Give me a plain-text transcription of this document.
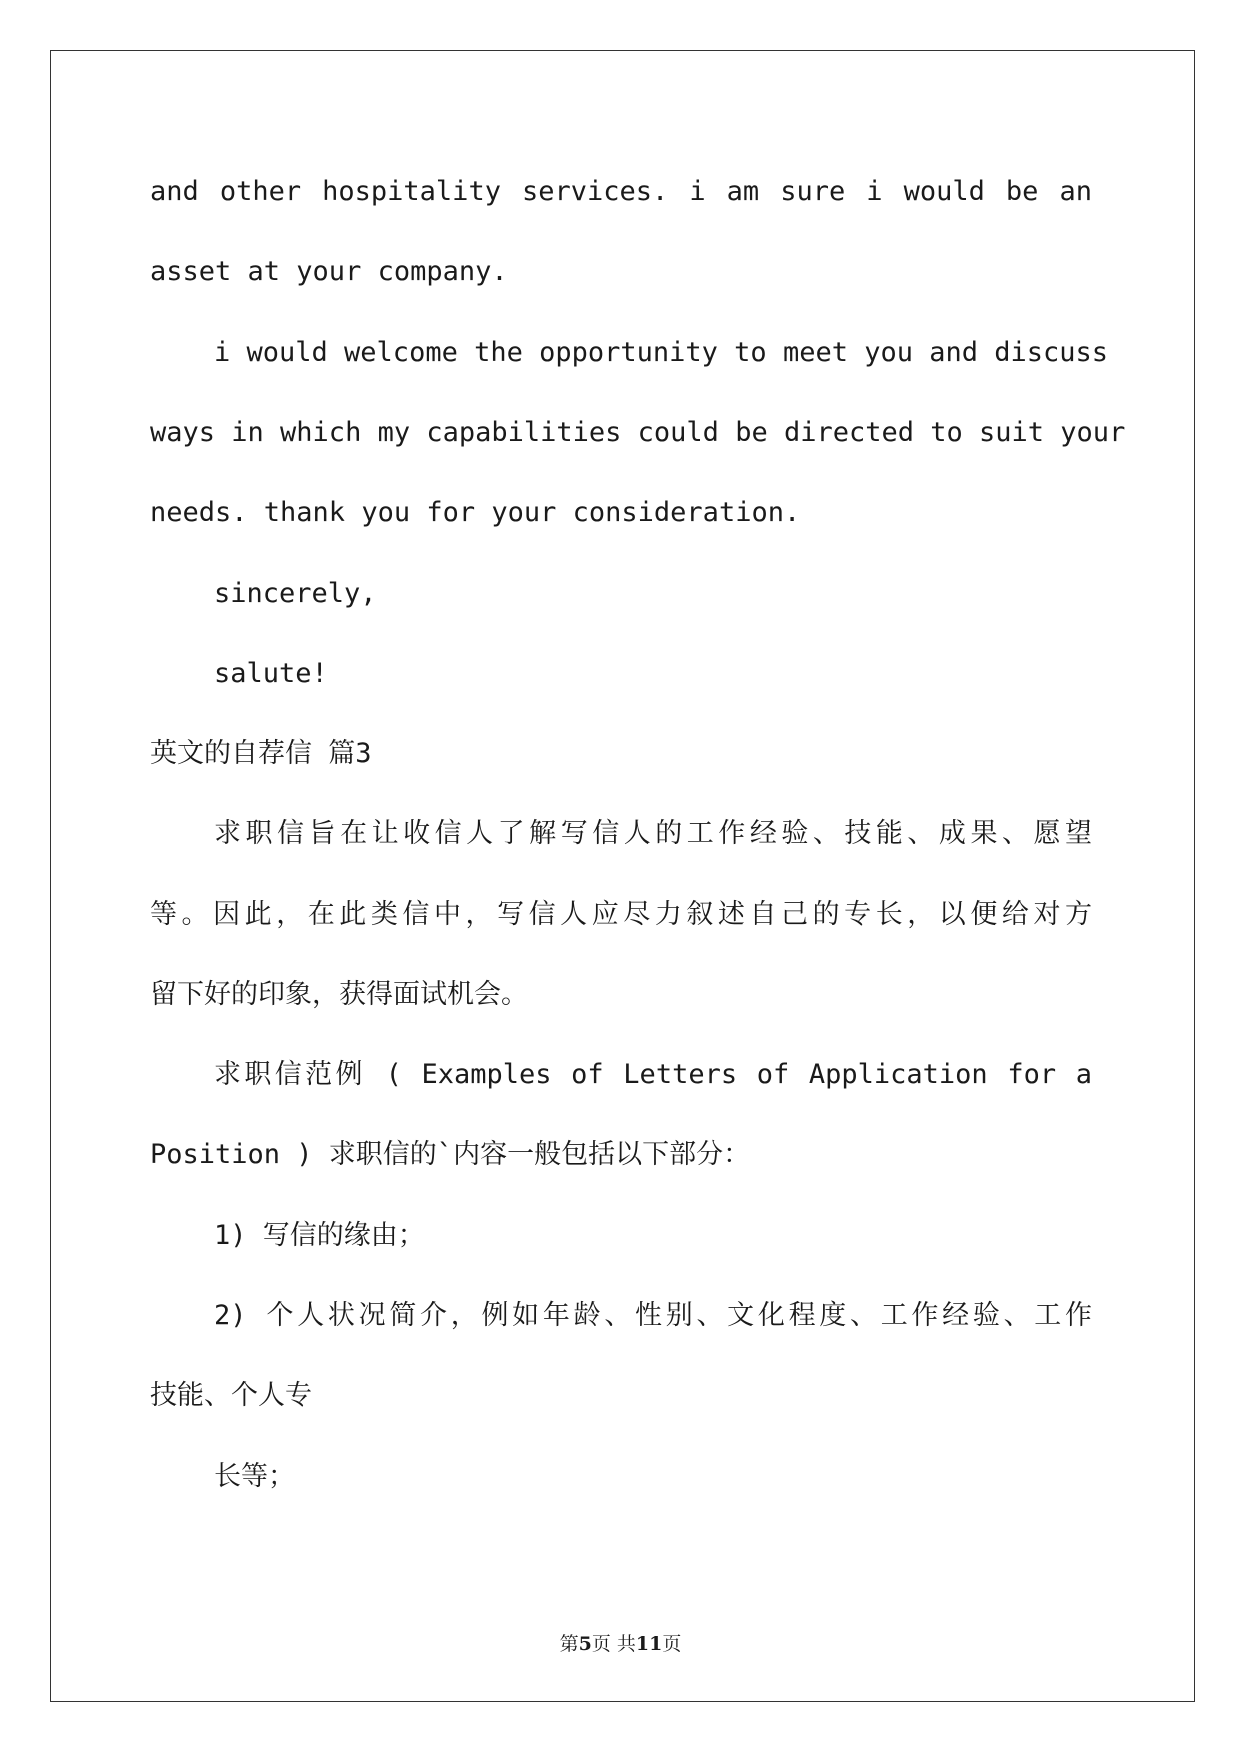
and other hospitality services. i am sure i would be an
asset at your company.
i would welcome the opportunity to meet you and discuss
ways in which my capabilities could be directed to suit your
needs. thank you for your consideration.
sincerely,
salute!
英文的自荐信 篇3
求职信旨在让收信人了解写信人的工作经验、技能、成果、愿望
等。因此，在此类信中，写信人应尽力叙述自己的专长，以便给对方
留下好的印象，获得面试机会。
求职信范例 ( Examples of Letters of Application for a
Position ) 求职信的`内容一般包括以下部分：
1) 写信的缘由；
2) 个人状况简介，例如年龄、性别、文化程度、工作经验、工作
技能、个人专
长等；
第5页 共11页
